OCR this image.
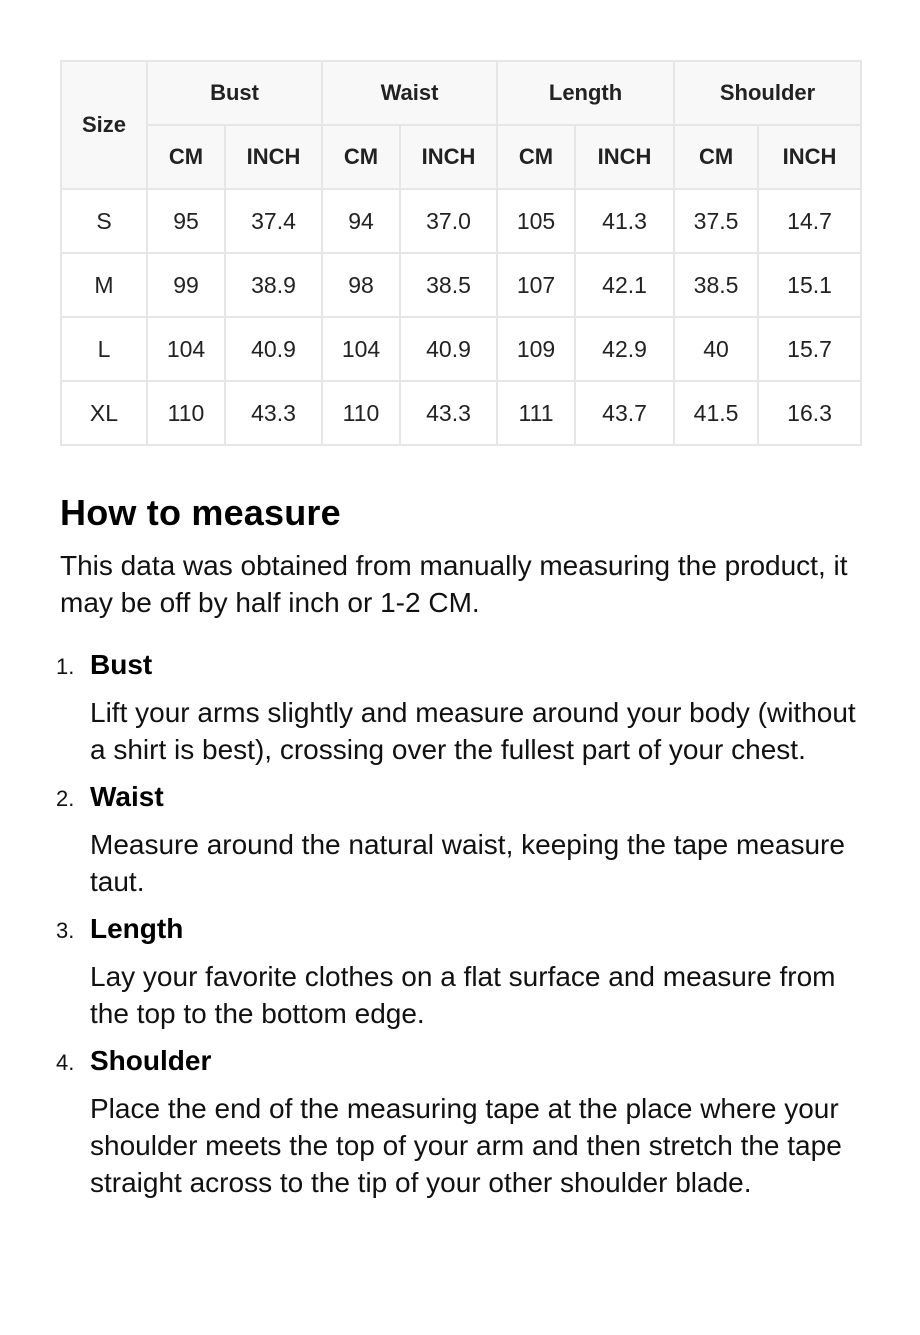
Size	Bust		Waist		Length		Shoulder	
	CM	INCH	CM	INCH	CM	INCH	CM	INCH
S	95	37.4	94	37.0	105	41.3	37.5	14.7
M	99	38.9	98	38.5	107	42.1	38.5	15.1
L	104	40.9	104	40.9	109	42.9	40	15.7
XL	110	43.3	110	43.3	111	43.7	41.5	16.3
How to measure

This data was obtained from manually measuring the product, it may be off by half inch or 1-2 CM.

1. Bust
Lift your arms slightly and measure around your body (without a shirt is best), crossing over the fullest part of your chest.
2. Waist
Measure around the natural waist, keeping the tape measure taut.
3. Length
Lay your favorite clothes on a flat surface and measure from the top to the bottom edge.
4. Shoulder
Place the end of the measuring tape at the place where your shoulder meets the top of your arm and then stretch the tape straight across to the tip of your other shoulder blade.
